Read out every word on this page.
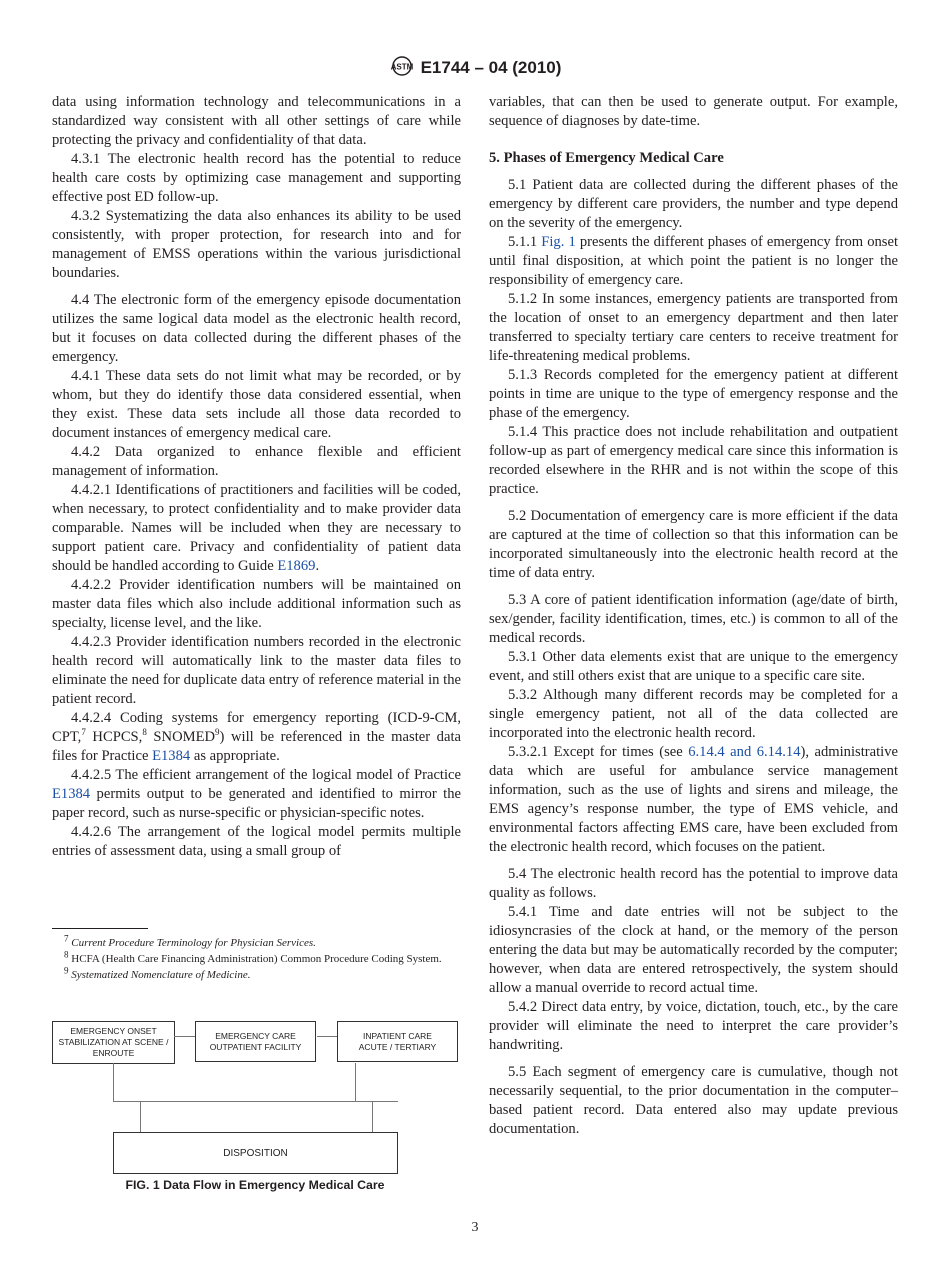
ASTM E1744 – 04 (2010)

data using information technology and telecommunications in a standardized way consistent with all other settings of care while protecting the privacy and confidentiality of that data.

4.3.1 The electronic health record has the potential to reduce health care costs by optimizing case management and supporting effective post ED follow-up.

4.3.2 Systematizing the data also enhances its ability to be used consistently, with proper protection, for research into and for management of EMSS operations within the various jurisdictional boundaries.

4.4 The electronic form of the emergency episode documentation utilizes the same logical data model as the electronic health record, but it focuses on data collected during the different phases of the emergency.

4.4.1 These data sets do not limit what may be recorded, or by whom, but they do identify those data considered essential, when they exist. These data sets include all those data recorded to document instances of emergency medical care.

4.4.2 Data organized to enhance flexible and efficient management of information.

4.4.2.1 Identifications of practitioners and facilities will be coded, when necessary, to protect confidentiality and to make provider data comparable. Names will be included when they are necessary to support patient care. Privacy and confidentiality of patient data should be handled according to Guide E1869.

4.4.2.2 Provider identification numbers will be maintained on master data files which also include additional information such as specialty, license level, and the like.

4.4.2.3 Provider identification numbers recorded in the electronic health record will automatically link to the master data files to eliminate the need for duplicate data entry of reference material in the patient record.

4.4.2.4 Coding systems for emergency reporting (ICD-9-CM, CPT,$^7$ HCPCS,$^8$ SNOMED$^9$) will be referenced in the master data files for Practice E1384 as appropriate.

4.4.2.5 The efficient arrangement of the logical model of Practice E1384 permits output to be generated and identified to mirror the paper record, such as nurse-specific or physician-specific notes.

4.4.2.6 The arrangement of the logical model permits multiple entries of assessment data, using a small group of

variables, that can then be used to generate output. For example, sequence of diagnoses by date-time.

5. Phases of Emergency Medical Care

5.1 Patient data are collected during the different phases of the emergency by different care providers, the number and type depend on the severity of the emergency.

5.1.1 Fig. 1 presents the different phases of emergency from onset until final disposition, at which point the patient is no longer the responsibility of emergency care.

5.1.2 In some instances, emergency patients are transported from the location of onset to an emergency department and then later transferred to specialty tertiary care centers to receive treatment for life-threatening medical problems.

5.1.3 Records completed for the emergency patient at different points in time are unique to the type of emergency response and the phase of the emergency.

5.1.4 This practice does not include rehabilitation and outpatient follow-up as part of emergency medical care since this information is recorded elsewhere in the RHR and is not within the scope of this practice.

5.2 Documentation of emergency care is more efficient if the data are captured at the time of collection so that this information can be incorporated simultaneously into the electronic health record at the time of data entry.

5.3 A core of patient identification information (age/date of birth, sex/gender, facility identification, times, etc.) is common to all of the medical records.

5.3.1 Other data elements exist that are unique to the emergency event, and still others exist that are unique to a specific care site.

5.3.2 Although many different records may be completed for a single emergency patient, not all of the data collected are incorporated into the electronic health record.

5.3.2.1 Except for times (see 6.14.4 and 6.14.14), administrative data which are useful for ambulance service management information, such as the use of lights and sirens and mileage, the EMS agency’s response number, the type of EMS vehicle, and environmental factors affecting EMS care, have been excluded from the electronic health record, which focuses on the patient.

5.4 The electronic health record has the potential to improve data quality as follows.

5.4.1 Time and date entries will not be subject to the idiosyncrasies of the clock at hand, or the memory of the person entering the data but may be automatically recorded by the computer; however, when data are entered retrospectively, the system should allow a manual override to record actual time.

5.4.2 Direct data entry, by voice, dictation, touch, etc., by the care provider will eliminate the need to interpret the care provider’s handwriting.

5.5 Each segment of emergency care is cumulative, though not necessarily sequential, to the prior documentation in the computer–based patient record. Data entered also may update previous documentation.

$^7$ Current Procedure Terminology for Physician Services.

$^8$ HCFA (Health Care Financing Administration) Common Procedure Coding System.

$^9$ Systematized Nomenclature of Medicine.

EMERGENCY ONSET STABILIZATION AT SCENE / ENROUTE
EMERGENCY CARE OUTPATIENT FACILITY
INPATIENT CARE ACUTE / TERTIARY
DISPOSITION
FIG. 1 Data Flow in Emergency Medical Care
3
